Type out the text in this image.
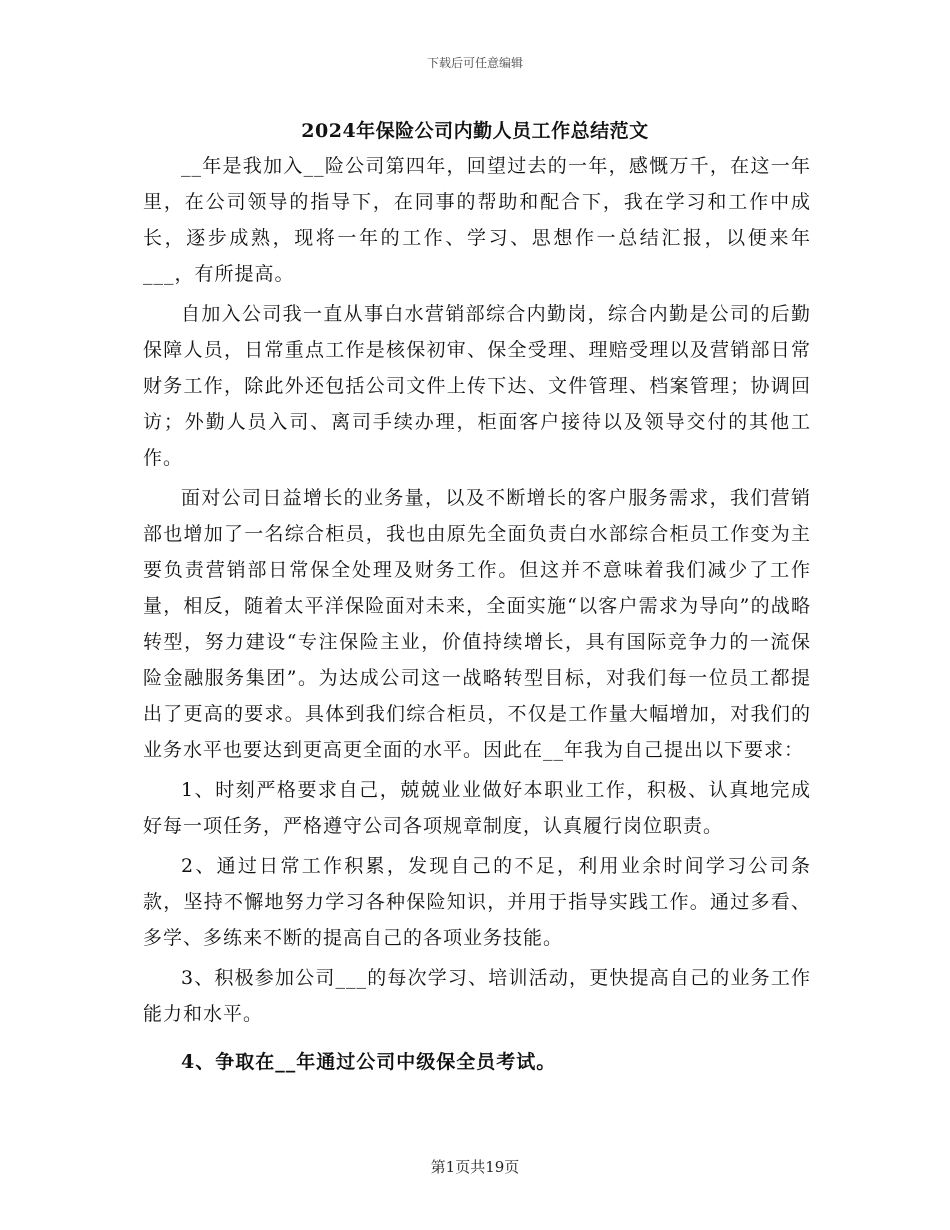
下载后可任意编辑
2024年保险公司内勤人员工作总结范文

__年是我加入__险公司第四年，回望过去的一年，感慨万千，在这一年里，在公司领导的指导下，在同事的帮助和配合下，我在学习和工作中成长，逐步成熟，现将一年的工作、学习、思想作一总结汇报，以便来年___，有所提高。

自加入公司我一直从事白水营销部综合内勤岗，综合内勤是公司的后勤保障人员，日常重点工作是核保初审、保全受理、理赔受理以及营销部日常财务工作，除此外还包括公司文件上传下达、文件管理、档案管理；协调回访；外勤人员入司、离司手续办理，柜面客户接待以及领导交付的其他工作。

面对公司日益增长的业务量，以及不断增长的客户服务需求，我们营销部也增加了一名综合柜员，我也由原先全面负责白水部综合柜员工作变为主要负责营销部日常保全处理及财务工作。但这并不意味着我们减少了工作量，相反，随着太平洋保险面对未来，全面实施“以客户需求为导向”的战略转型，努力建设“专注保险主业，价值持续增长，具有国际竞争力的一流保险金融服务集团”。为达成公司这一战略转型目标，对我们每一位员工都提出了更高的要求。具体到我们综合柜员，不仅是工作量大幅增加，对我们的业务水平也要达到更高更全面的水平。因此在__年我为自己提出以下要求：

1、时刻严格要求自己，兢兢业业做好本职业工作，积极、认真地完成好每一项任务，严格遵守公司各项规章制度，认真履行岗位职责。

2、通过日常工作积累，发现自己的不足，利用业余时间学习公司条款，坚持不懈地努力学习各种保险知识，并用于指导实践工作。通过多看、多学、多练来不断的提高自己的各项业务技能。

3、积极参加公司___的每次学习、培训活动，更快提高自己的业务工作能力和水平。

4、争取在__年通过公司中级保全员考试。

第1页共19页
